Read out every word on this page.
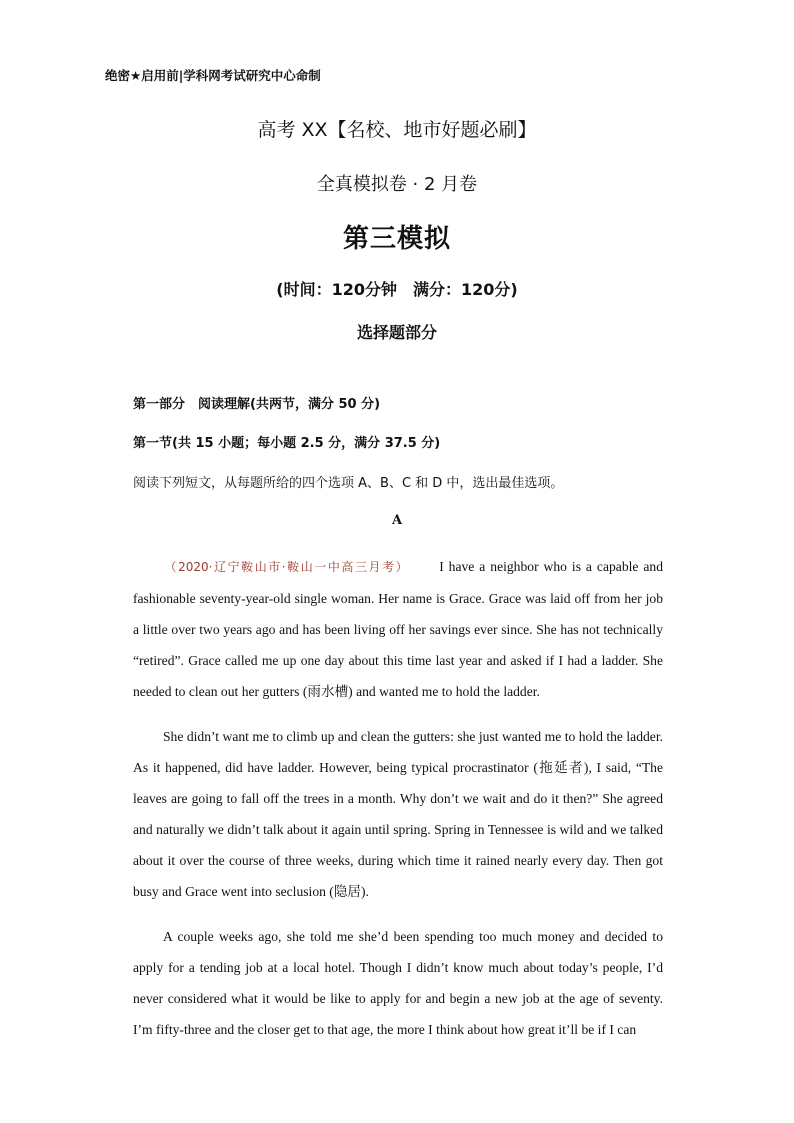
绝密★启用前|学科网考试研究中心命制
高考 XX【名校、地市好题必刷】
全真模拟卷 · 2 月卷
第三模拟
(时间：120分钟　满分：120分)
选择题部分
第一部分　阅读理解(共两节，满分 50 分)
第一节(共 15 小题；每小题 2.5 分，满分 37.5 分)
阅读下列短文，从每题所给的四个选项 A、B、C 和 D 中，选出最佳选项。
A
（2020·辽宁鞍山市·鞍山一中高三月考） I have a neighbor who is a capable and fashionable seventy-year-old single woman. Her name is Grace. Grace was laid off from her job a little over two years ago and has been living off her savings ever since. She has not technically “retired”. Grace called me up one day about this time last year and asked if I had a ladder. She needed to clean out her gutters (雨水槽) and wanted me to hold the ladder.
She didn’t want me to climb up and clean the gutters: she just wanted me to hold the ladder. As it happened, did have ladder. However, being typical procrastinator (拖延者), I said, “The leaves are going to fall off the trees in a month. Why don’t we wait and do it then?” She agreed and naturally we didn’t talk about it again until spring. Spring in Tennessee is wild and we talked about it over the course of three weeks, during which time it rained nearly every day. Then got busy and Grace went into seclusion (隐居).
A couple weeks ago, she told me she’d been spending too much money and decided to apply for a tending job at a local hotel. Though I didn’t know much about today’s people, I’d never considered what it would be like to apply for and begin a new job at the age of seventy. I’m fifty-three and the closer get to that age, the more I think about how great it’ll be if I can
